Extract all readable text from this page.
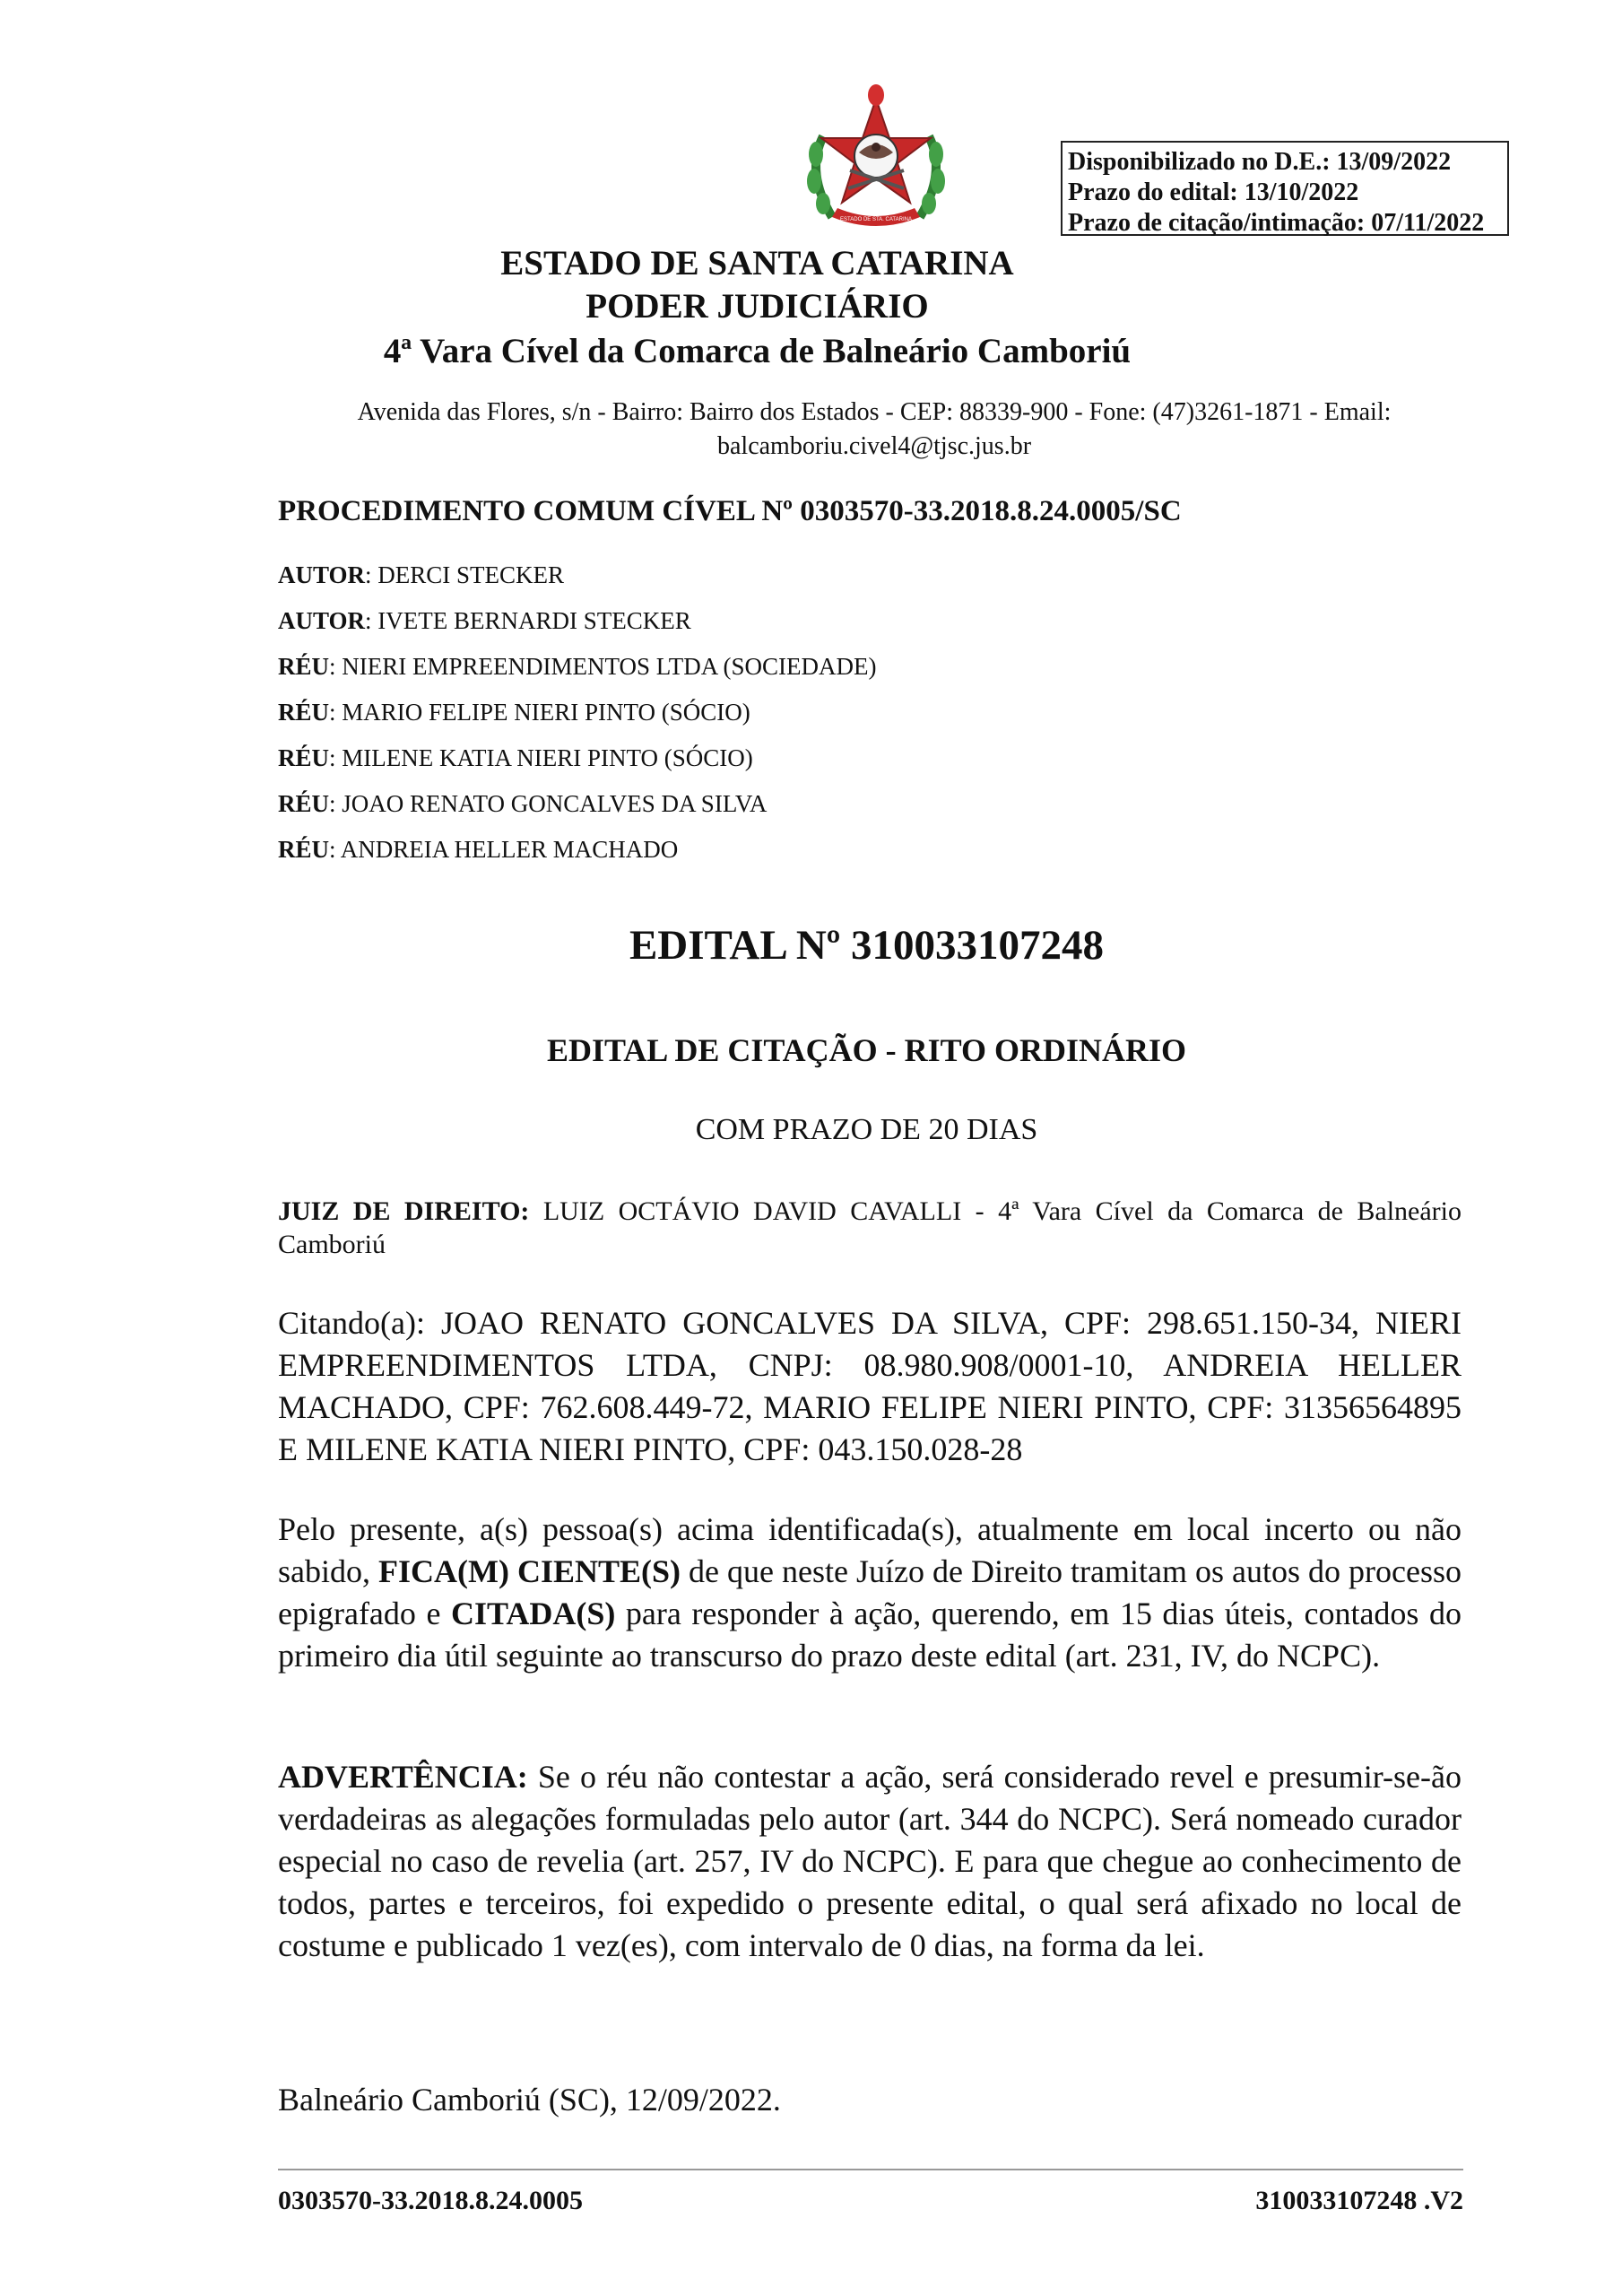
ESTADO DE STA. CATARINA
Disponibilizado no D.E.: 13/09/2022
Prazo do edital: 13/10/2022
Prazo de citação/intimação: 07/11/2022
ESTADO DE SANTA CATARINA
PODER JUDICIÁRIO
4ª Vara Cível da Comarca de Balneário Camboriú
Avenida das Flores, s/n - Bairro: Bairro dos Estados - CEP: 88339-900 - Fone: (47)3261-1871 - Email: balcamboriu.civel4@tjsc.jus.br
PROCEDIMENTO COMUM CÍVEL Nº 0303570-33.2018.8.24.0005/SC
AUTOR: DERCI STECKER
AUTOR: IVETE BERNARDI STECKER
RÉU: NIERI EMPREENDIMENTOS LTDA (SOCIEDADE)
RÉU: MARIO FELIPE NIERI PINTO (SÓCIO)
RÉU: MILENE KATIA NIERI PINTO (SÓCIO)
RÉU: JOAO RENATO GONCALVES DA SILVA
RÉU: ANDREIA HELLER MACHADO
EDITAL Nº 310033107248
EDITAL DE CITAÇÃO - RITO ORDINÁRIO
COM PRAZO DE 20 DIAS
JUIZ DE DIREITO: LUIZ OCTÁVIO DAVID CAVALLI - 4ª Vara Cível da Comarca de Balneário Camboriú
Citando(a): JOAO RENATO GONCALVES DA SILVA, CPF: 298.651.150-34, NIERI EMPREENDIMENTOS LTDA, CNPJ: 08.980.908/0001-10, ANDREIA HELLER MACHADO, CPF: 762.608.449-72, MARIO FELIPE NIERI PINTO, CPF: 31356564895 E MILENE KATIA NIERI PINTO, CPF: 043.150.028-28
Pelo presente, a(s) pessoa(s) acima identificada(s), atualmente em local incerto ou não sabido, FICA(M) CIENTE(S) de que neste Juízo de Direito tramitam os autos do processo epigrafado e CITADA(S) para responder à ação, querendo, em 15 dias úteis, contados do primeiro dia útil seguinte ao transcurso do prazo deste edital (art. 231, IV, do NCPC).
ADVERTÊNCIA: Se o réu não contestar a ação, será considerado revel e presumir-se-ão verdadeiras as alegações formuladas pelo autor (art. 344 do NCPC). Será nomeado curador especial no caso de revelia (art. 257, IV do NCPC). E para que chegue ao conhecimento de todos, partes e terceiros, foi expedido o presente edital, o qual será afixado no local de costume e publicado 1 vez(es), com intervalo de 0 dias, na forma da lei.
Balneário Camboriú (SC), 12/09/2022.
0303570-33.2018.8.24.0005	310033107248 .V2
